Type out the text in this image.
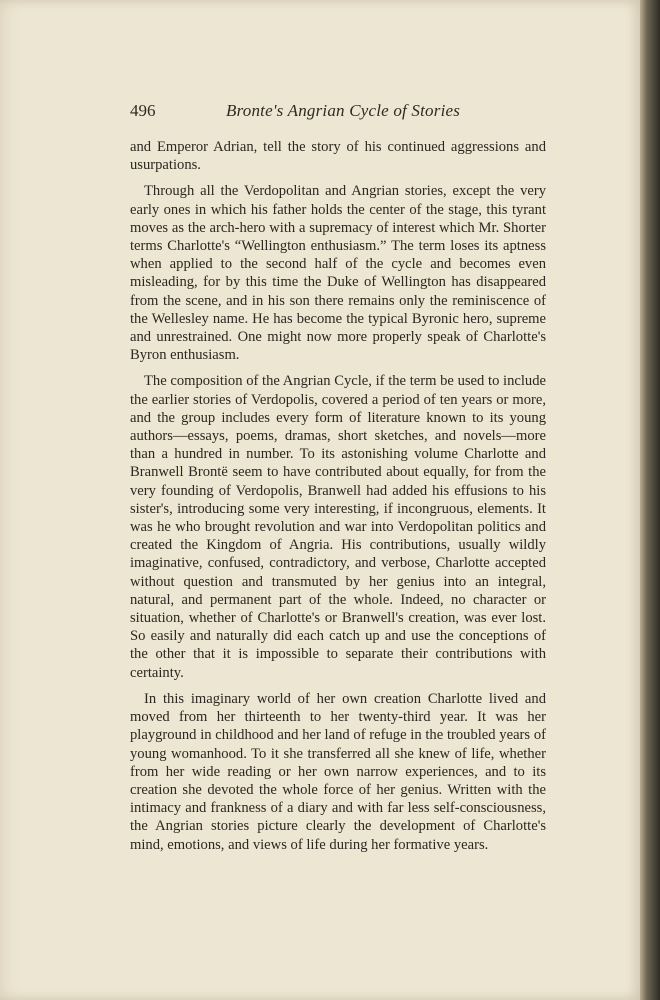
496	Bronte's Angrian Cycle of Stories

and Emperor Adrian, tell the story of his continued aggressions and usurpations.

Through all the Verdopolitan and Angrian stories, except the very early ones in which his father holds the center of the stage, this tyrant moves as the arch-hero with a supremacy of interest which Mr. Shorter terms Charlotte's “Wellington enthusiasm.” The term loses its aptness when applied to the second half of the cycle and becomes even misleading, for by this time the Duke of Wellington has disappeared from the scene, and in his son there remains only the reminiscence of the Wellesley name. He has become the typical Byronic hero, supreme and unrestrained. One might now more properly speak of Charlotte's Byron enthusiasm.

The composition of the Angrian Cycle, if the term be used to include the earlier stories of Verdopolis, covered a period of ten years or more, and the group includes every form of literature known to its young authors—essays, poems, dramas, short sketches, and novels—more than a hundred in number. To its astonishing volume Charlotte and Branwell Brontë seem to have contributed about equally, for from the very founding of Verdopolis, Branwell had added his effusions to his sister's, introducing some very interesting, if incongruous, elements. It was he who brought revolution and war into Verdopolitan politics and created the Kingdom of Angria. His contributions, usually wildly imaginative, confused, contradictory, and verbose, Charlotte accepted without question and transmuted by her genius into an integral, natural, and permanent part of the whole. Indeed, no character or situation, whether of Charlotte's or Branwell's creation, was ever lost. So easily and naturally did each catch up and use the conceptions of the other that it is impossible to separate their contributions with certainty.

In this imaginary world of her own creation Charlotte lived and moved from her thirteenth to her twenty-third year. It was her playground in childhood and her land of refuge in the troubled years of young womanhood. To it she transferred all she knew of life, whether from her wide reading or her own narrow experiences, and to its creation she devoted the whole force of her genius. Written with the intimacy and frankness of a diary and with far less self-consciousness, the Angrian stories picture clearly the development of Charlotte's mind, emotions, and views of life during her formative years.
